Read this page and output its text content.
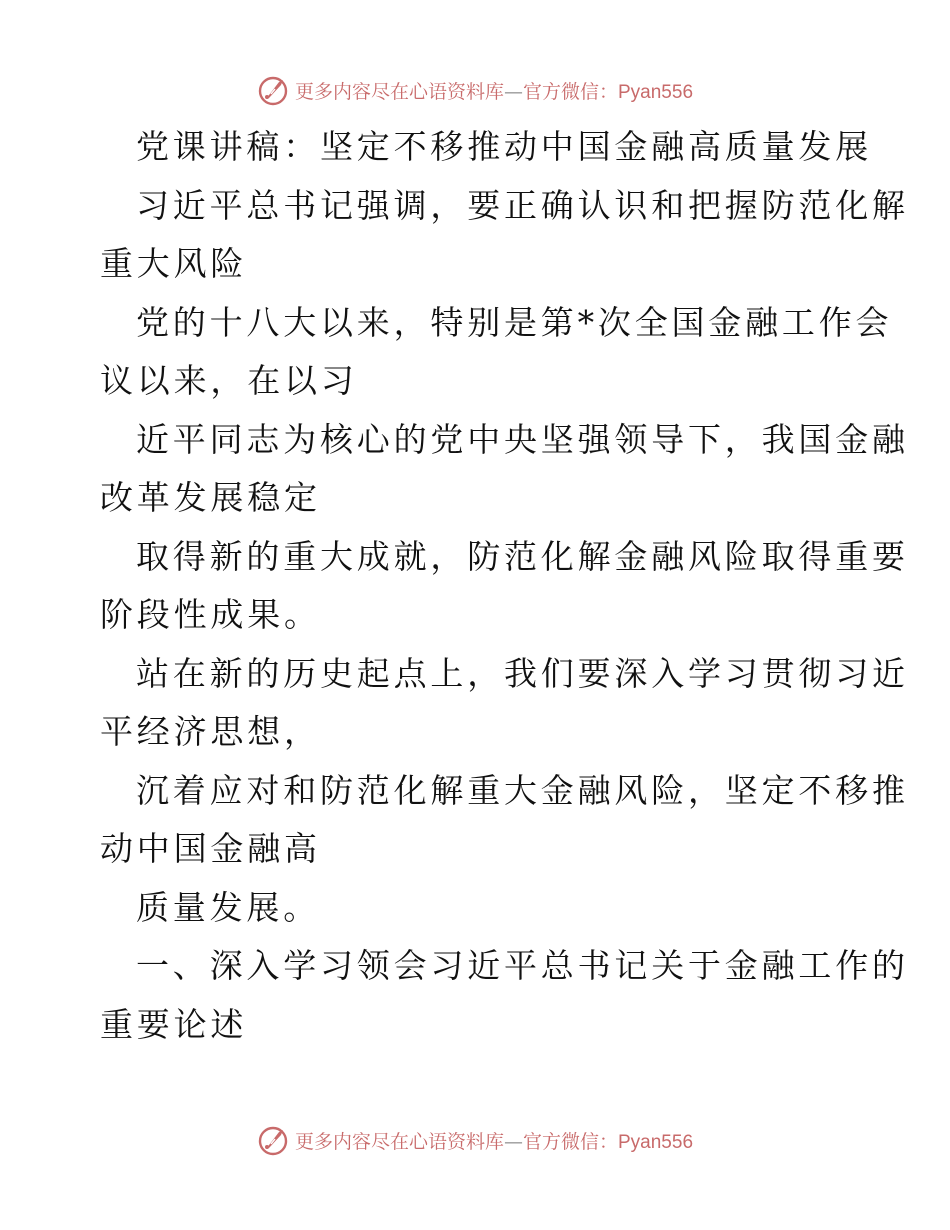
更多内容尽在心语资料库—官方微信：Pyan556
党课讲稿：坚定不移推动中国金融高质量发展
习近平总书记强调，要正确认识和把握防范化解
重大风险
党的十八大以来，特别是第*次全国金融工作会
议以来，在以习
近平同志为核心的党中央坚强领导下，我国金融
改革发展稳定
取得新的重大成就，防范化解金融风险取得重要
阶段性成果。
站在新的历史起点上，我们要深入学习贯彻习近
平经济思想，
沉着应对和防范化解重大金融风险，坚定不移推
动中国金融高
质量发展。
一、深入学习领会习近平总书记关于金融工作的
重要论述
更多内容尽在心语资料库—官方微信：Pyan556
